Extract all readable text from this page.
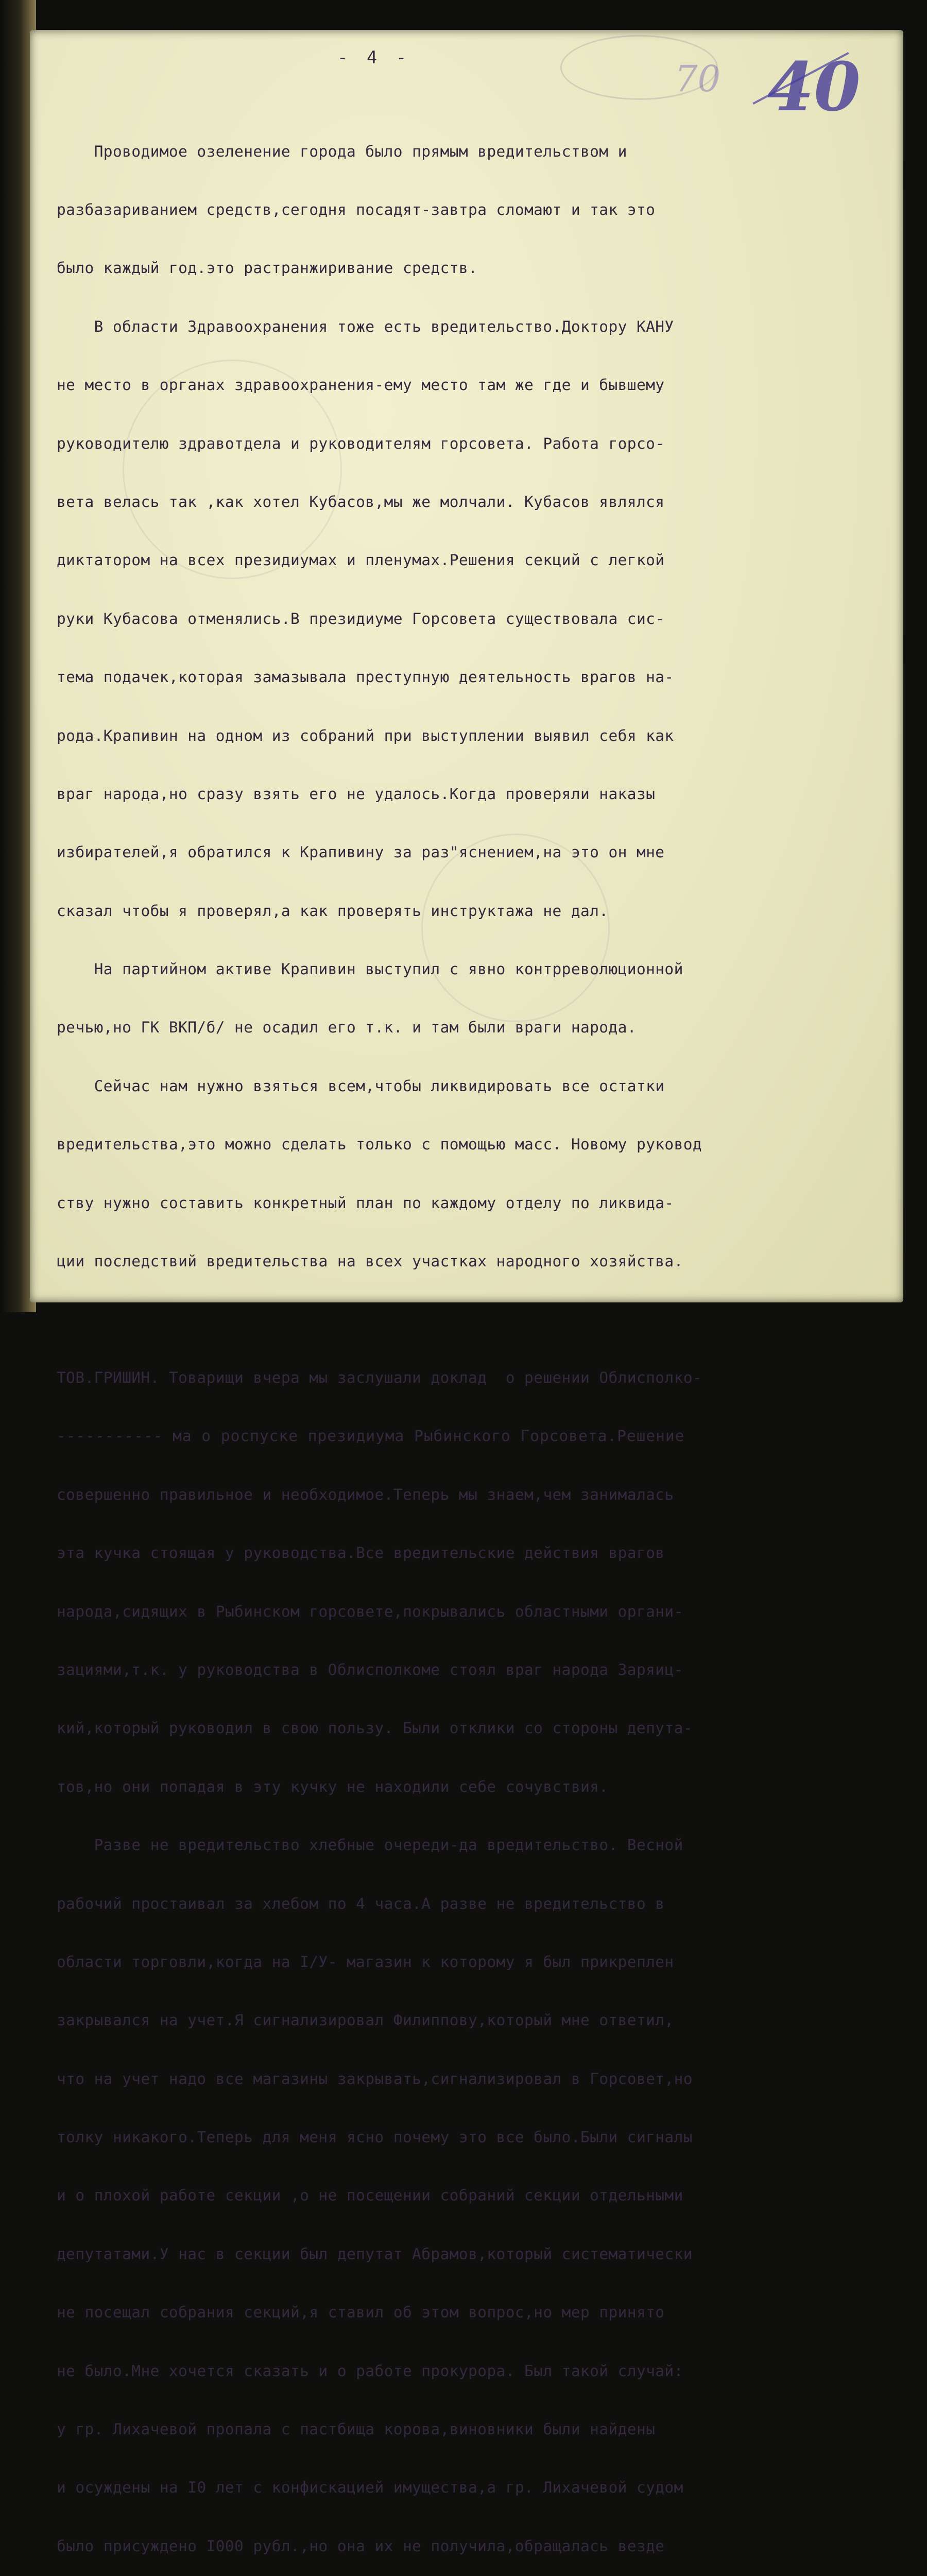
- 4 -	70 40

Проводимое озеленение города было прямым вредительством и

разбазариванием средств,сегодня посадят-завтра сломают и так это

было каждый год.это растранжиривание средств.

В области Здравоохранения тоже есть вредительство.Доктору КАНУ

не место в органах здравоохранения-ему место там же где и бывшему

руководителю здравотдела и руководителям горсовета. Работа горсо-

вета велась так ,как хотел Кубасов,мы же молчали. Кубасов являлся

диктатором на всех президиумах и пленумах.Решения секций с легкой

руки Кубасова отменялись.В президиуме Горсовета существовала сис-

тема подачек,которая замазывала преступную деятельность врагов на-

рода.Крапивин на одном из собраний при выступлении выявил себя как

враг народа,но сразу взять его не удалось.Когда проверяли наказы

избирателей,я обратился к Крапивину за раз"яснением,на это он мне

сказал чтобы я проверял,а как проверять инструктажа не дал.

На партийном активе Крапивин выступил с явно контрреволюционной

речью,но ГК ВКП/б/ не осадил его т.к. и там были враги народа.

Сейчас нам нужно взяться всем,чтобы ликвидировать все остатки

вредительства,это можно сделать только с помощью масс. Новому руковод

ству нужно составить конкретный план по каждому отделу по ликвида-

ции последствий вредительства на всех участках народного хозяйства.

ТОВ.ГРИШИН. Товарищи вчера мы заслушали доклад  о решении Облисполко-

----------- ма о роспуске президиума Рыбинского Горсовета.Решение

совершенно правильное и необходимое.Теперь мы знаем,чем занималась

эта кучка стоящая у руководства.Все вредительские действия врагов

народа,сидящих в Рыбинском горсовете,покрывались областными органи-

зациями,т.к. у руководства в Облисполкоме стоял враг народа Заряиц-

кий,который руководил в свою пользу. Были отклики со стороны депута-

тов,но они попадая в эту кучку не находили себе сочувствия.

Разве не вредительство хлебные очереди-да вредительство. Весной

рабочий простаивал за хлебом по 4 часа.А разве не вредительство в

области торговли,когда на I/У- магазин к которому я был прикреплен

закрывался на учет.Я сигнализировал Филиппову,который мне ответил,

что на учет надо все магазины закрывать,сигнализировал в Горсовет,но

толку никакого.Теперь для меня ясно почему это все было.Были сигналы

и о плохой работе секции ,о не посещении собраний секции отдельными

депутатами.У нас в секции был депутат Абрамов,который систематически

не посещал собрания секций,я ставил об этом вопрос,но мер принято

не было.Мне хочется сказать и о работе прокурора. Был такой случай:

у гр. Лихачевой пропала с пастбища корова,виновники были найдены

и осуждены на I0 лет с конфискацией имущества,а гр. Лихачевой судом

было присуждено I000 рубл.,но она их не получила,обращалась везде
